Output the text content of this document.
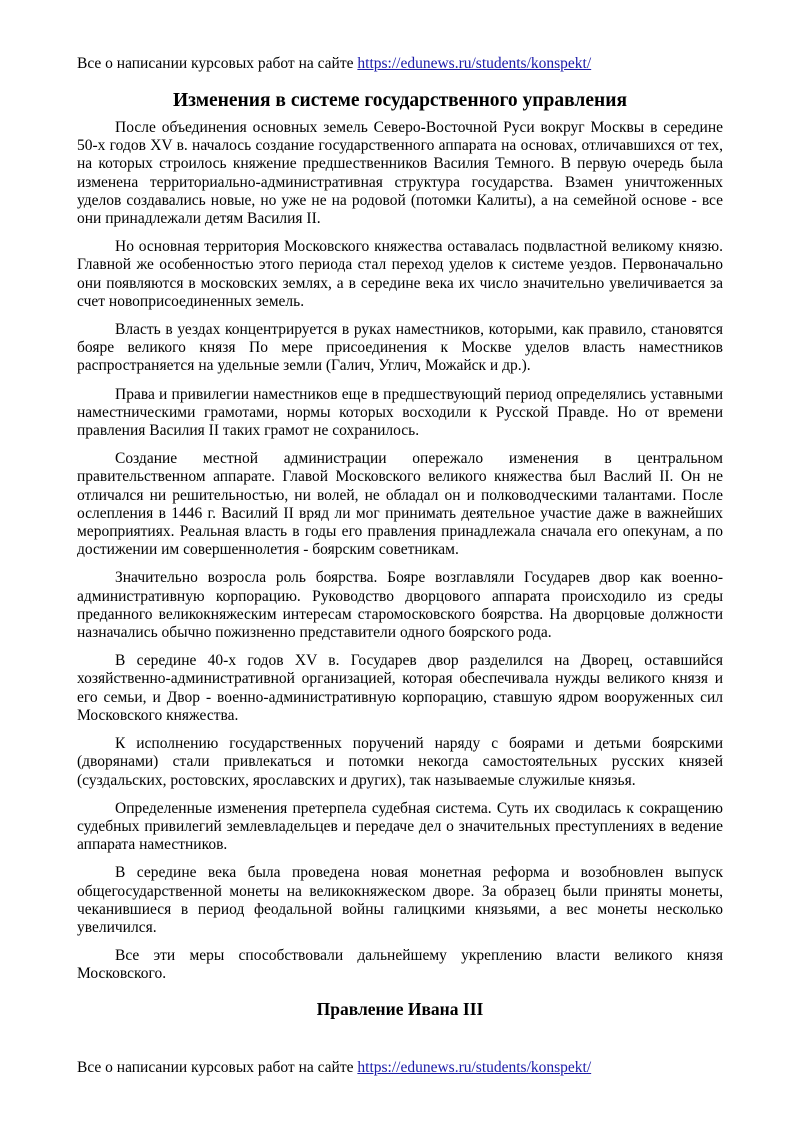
Все о написании курсовых работ на сайте https://edunews.ru/students/konspekt/
Изменения в системе государственного управления

После объединения основных земель Северо-Восточной Руси вокруг Москвы в середине 50-х годов XV в. началось создание государственного аппарата на основах, отличавшихся от тех, на которых строилось княжение предшественников Василия Темного. В первую очередь была изменена территориально-административная структура государства. Взамен уничтоженных уделов создавались новые, но уже не на родовой (потомки Калиты), а на семейной основе - все они принадлежали детям Василия II.

Но основная территория Московского княжества оставалась подвластной великому князю. Главной же особенностью этого периода стал переход уделов к системе уездов. Первоначально они появляются в московских землях, а в середине века их число значительно увеличивается за счет новоприсоединенных земель.

Власть в уездах концентрируется в руках наместников, которыми, как правило, становятся бояре великого князя По мере присоединения к Москве уделов власть наместников распространяется на удельные земли (Галич, Углич, Можайск и др.).

Права и привилегии наместников еще в предшествующий период определялись уставными наместническими грамотами, нормы которых восходили к Русской Правде. Но от времени правления Василия II таких грамот не сохранилось.

Создание местной администрации опережало изменения в центральном правительственном аппарате. Главой Московского великого княжества был Васлий II. Он не отличался ни решительностью, ни волей, не обладал он и полководческими талантами. После ослепления в 1446 г. Василий II вряд ли мог принимать деятельное участие даже в важнейших мероприятиях. Реальная власть в годы его правления принадлежала сначала его опекунам, а по достижении им совершеннолетия - боярским советникам.

Значительно возросла роль боярства. Бояре возглавляли Государев двор как военно-административную корпорацию. Руководство дворцового аппарата происходило из среды преданного великокняжеским интересам старомосковского боярства. На дворцовые должности назначались обычно пожизненно представители одного боярского рода.

В середине 40-х годов XV в. Государев двор разделился на Дворец, оставшийся хозяйственно-административной организацией, которая обеспечивала нужды великого князя и его семьи, и Двор - военно-административную корпорацию, ставшую ядром вооруженных сил Московского княжества.

К исполнению государственных поручений наряду с боярами и детьми боярскими (дворянами) стали привлекаться и потомки некогда самостоятельных русских князей (суздальских, ростовских, ярославских и других), так называемые служилые князья.

Определенные изменения претерпела судебная система. Суть их сводилась к сокращению судебных привилегий землевладельцев и передаче дел о значительных преступлениях в ведение аппарата наместников.

В середине века была проведена новая монетная реформа и возобновлен выпуск общегосударственной монеты на великокняжеском дворе. За образец были приняты монеты, чеканившиеся в период феодальной войны галицкими князьями, а вес монеты несколько увеличился.

Все эти меры способствовали дальнейшему укреплению власти великого князя Московского.

Правление Ивана III
Все о написании курсовых работ на сайте https://edunews.ru/students/konspekt/
